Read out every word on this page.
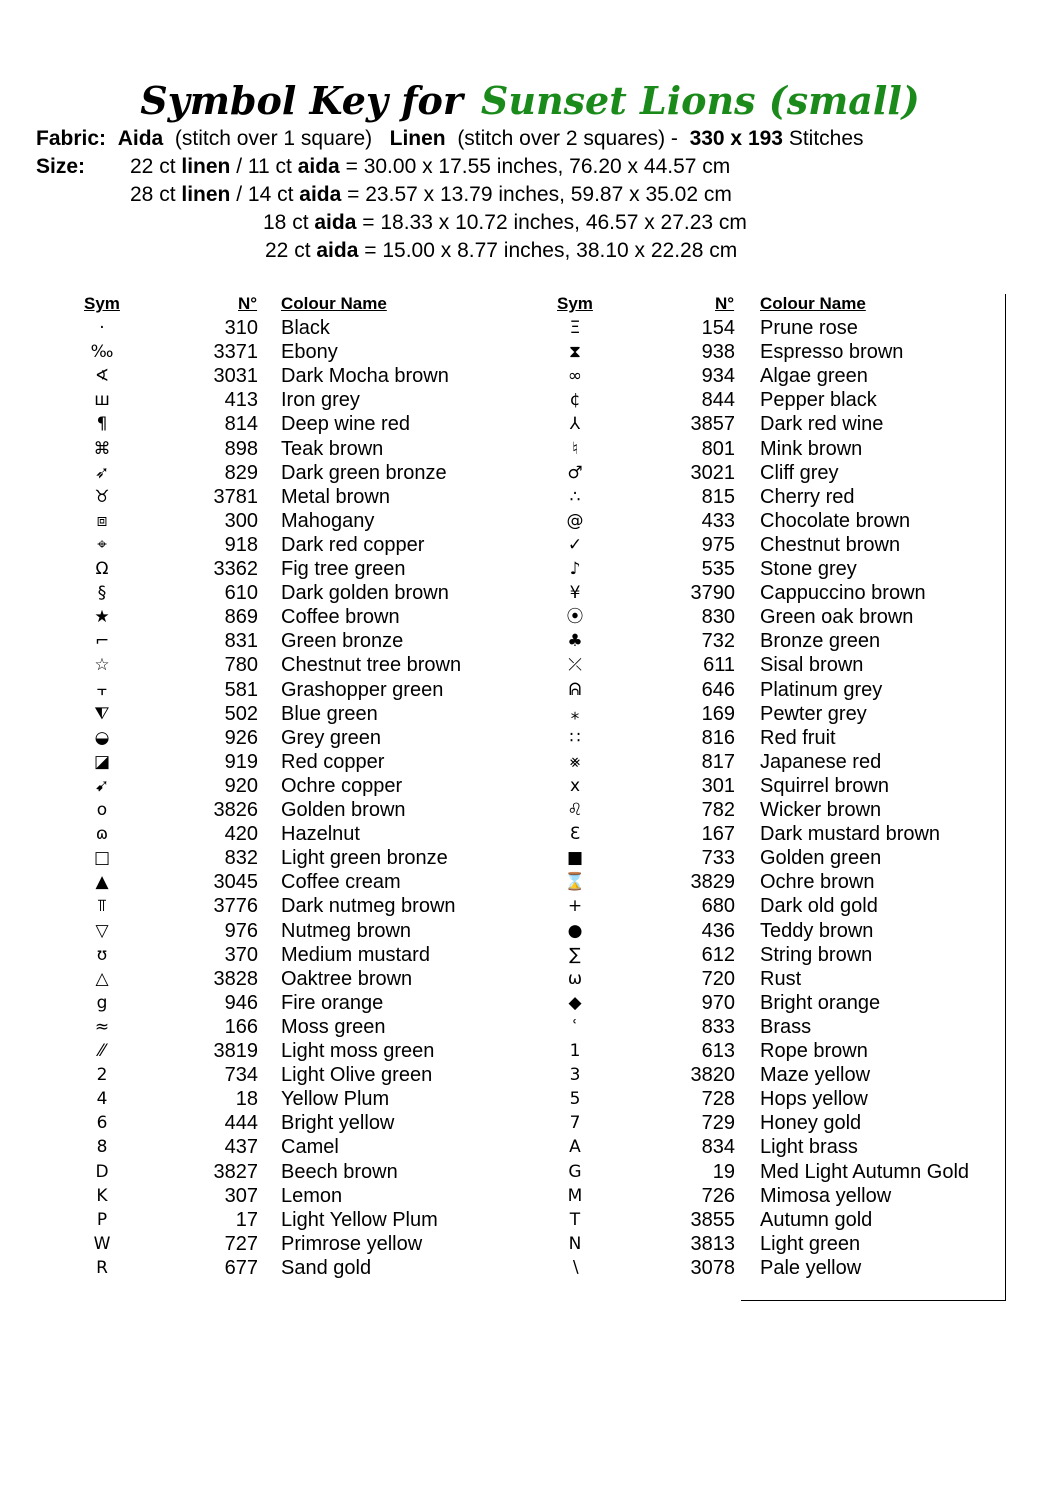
Symbol Key for Sunset Lions (small)
Fabric: Aida (stitch over 1 square) Linen (stitch over 2 squares) - 330 x 193 Stitches
Size: 22 ct linen / 11 ct aida = 30.00 x 17.55 inches, 76.20 x 44.57 cm
28 ct linen / 14 ct aida = 23.57 x 13.79 inches, 59.87 x 35.02 cm
18 ct aida = 18.33 x 10.72 inches, 46.57 x 27.23 cm
22 ct aida = 15.00 x 8.77 inches, 38.10 x 22.28 cm
Sym	N° Colour Name	Sym	N° Colour Name
·	310 Black
‰	3371 Ebony
∢	3031 Dark Mocha brown
ш	413 Iron grey
¶	814 Deep wine red
⌘	898 Teak brown
➶	829 Dark green bronze
♉	3781 Metal brown
⧈	300 Mahogany
⌖	918 Dark red copper
Ω	3362 Fig tree green
§	610 Dark golden brown
★	869 Coffee brown
⌐	831 Green bronze
☆	780 Chestnut tree brown
⫟	581 Grashopper green
⧨	502 Blue green
◒	926 Grey green
◪	919 Red copper
➹	920 Ochre copper
o	3826 Golden brown
ɷ	420 Hazelnut
□	832 Light green bronze
▲	3045 Coffee cream
⫪	3776 Dark nutmeg brown
▽	976 Nutmeg brown
ʊ	370 Medium mustard
△	3828 Oaktree brown
g	946 Fire orange
≈	166 Moss green
⁄⁄	3819 Light moss green
2	734 Light Olive green
4	18 Yellow Plum
6	444 Bright yellow
8	437 Camel
D	3827 Beech brown
K	307 Lemon
P	17 Light Yellow Plum
W	727 Primrose yellow
R	677 Sand gold
Ξ	154 Prune rose
⧗	938 Espresso brown
∞	934 Algae green
¢	844 Pepper black
⅄	3857 Dark red wine
♮	801 Mink brown
♂	3021 Cliff grey
∴	815 Cherry red
@	433 Chocolate brown
✓	975 Chestnut brown
♪	535 Stone grey
¥	3790 Cappuccino brown
⦿	830 Green oak brown
♣	732 Bronze green
⤫	611 Sisal brown
ᕱ	646 Platinum grey
⁎	169 Pewter grey
∷	816 Red fruit
⨳	817 Japanese red
x	301 Squirrel brown
♌	782 Wicker brown
Ɛ	167 Dark mustard brown
■	733 Golden green
⌛	3829 Ochre brown
+	680 Dark old gold
●	436 Teddy brown
∑	612 String brown
ω	720 Rust
◆	970 Bright orange
ʿ	833 Brass
1	613 Rope brown
3	3820 Maze yellow
5	728 Hops yellow
7	729 Honey gold
A	834 Light brass
G	19 Med Light Autumn Gold
M	726 Mimosa yellow
T	3855 Autumn gold
N	3813 Light green
∖	3078 Pale yellow
